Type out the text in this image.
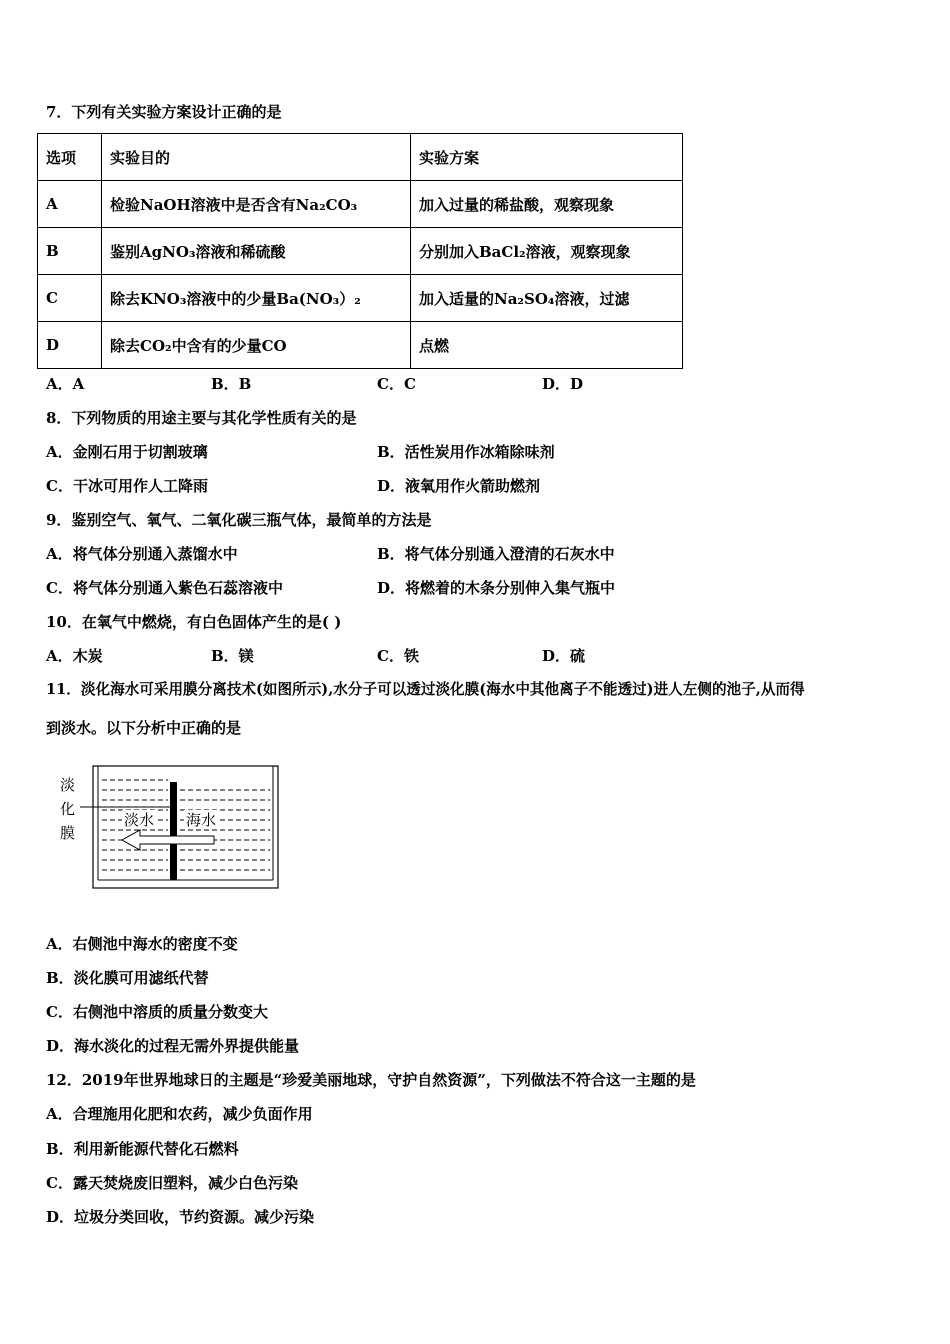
7．下列有关实验方案设计正确的是
选项	实验目的	实验方案
A	检验NaOH溶液中是否含有Na₂CO₃	加入过量的稀盐酸，观察现象
B	鉴别AgNO₃溶液和稀硫酸	分别加入BaCl₂溶液，观察现象
C	除去KNO₃溶液中的少量Ba(NO₃）₂	加入适量的Na₂SO₄溶液，过滤
D	除去CO₂中含有的少量CO	点燃
A．A	B．B	C．C	D．D
8．下列物质的用途主要与其化学性质有关的是
A．金刚石用于切割玻璃	B．活性炭用作冰箱除味剂
C．干冰可用作人工降雨	D．液氧用作火箭助燃剂
9．鉴别空气、氧气、二氧化碳三瓶气体，最简单的方法是
A．将气体分别通入蒸馏水中	B．将气体分别通入澄清的石灰水中
C．将气体分别通入紫色石蕊溶液中	D．将燃着的木条分别伸入集气瓶中
10．在氧气中燃烧，有白色固体产生的是( )
A．木炭	B．镁	C．铁	D．硫
11．淡化海水可采用膜分离技术(如图所示),水分子可以透过淡化膜(海水中其他离子不能透过)进人左侧的池子,从而得
到淡水。以下分析中正确的是
淡水 海水
淡 化 膜
A．右侧池中海水的密度不变
B．淡化膜可用滤纸代替
C．右侧池中溶质的质量分数变大
D．海水淡化的过程无需外界提供能量
12．2019年世界地球日的主题是“珍爱美丽地球，守护自然资源”，下列做法不符合这一主题的是
A．合理施用化肥和农药，减少负面作用
B．利用新能源代替化石燃料
C．露天焚烧废旧塑料，减少白色污染
D．垃圾分类回收，节约资源。减少污染
